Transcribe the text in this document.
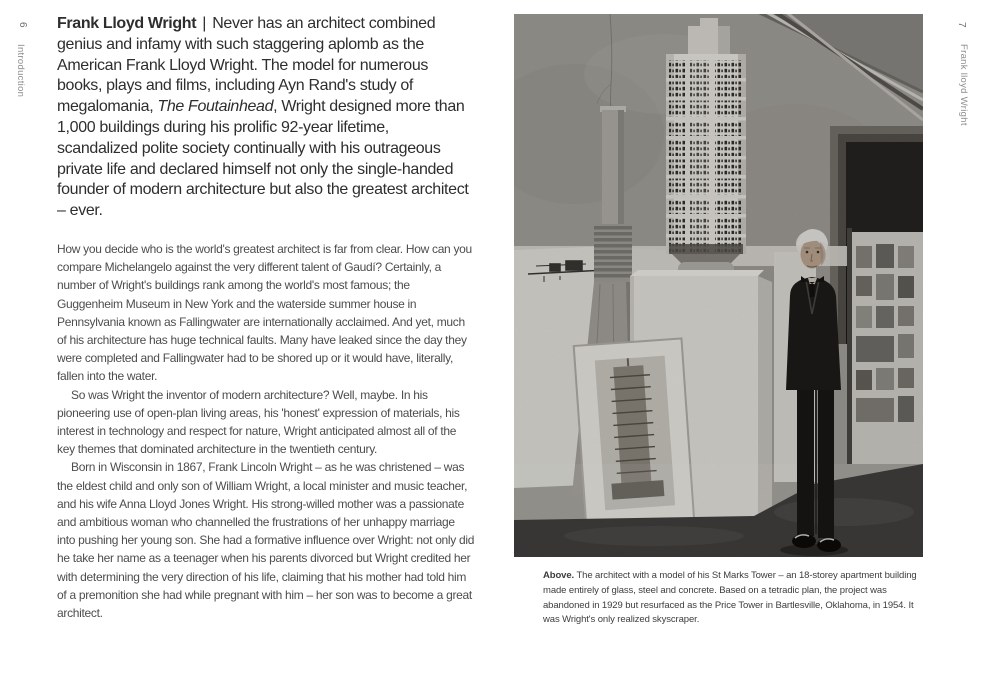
6
Introduction
Frank Lloyd Wright | Never has an architect combined genius and infamy with such staggering aplomb as the American Frank Lloyd Wright. The model for numerous books, plays and films, including Ayn Rand's study of megalomania, The Foutainhead, Wright designed more than 1,000 buildings during his prolific 92-year lifetime, scandalized polite society continually with his outrageous private life and declared himself not only the single-handed founder of modern architecture but also the greatest architect – ever.

How you decide who is the world's greatest architect is far from clear. How can you compare Michelangelo against the very different talent of Gaudí? Certainly, a number of Wright's buildings rank among the world's most famous; the Guggenheim Museum in New York and the waterside summer house in Pennsylvania known as Fallingwater are internationally acclaimed. And yet, much of his architecture has huge technical faults. Many have leaked since the day they were completed and Fallingwater had to be shored up or it would have, literally, fallen into the water.

So was Wright the inventor of modern architecture? Well, maybe. In his pioneering use of open-plan living areas, his 'honest' expression of materials, his interest in technology and respect for nature, Wright anticipated almost all of the key themes that dominated architecture in the twentieth century.

Born in Wisconsin in 1867, Frank Lincoln Wright – as he was christened – was the eldest child and only son of William Wright, a local minister and music teacher, and his wife Anna Lloyd Jones Wright. His strong-willed mother was a passionate and ambitious woman who channelled the frustrations of her unhappy marriage into pushing her young son. She had a formative influence over Wright: not only did he take her name as a teenager when his parents divorced but Wright credited her with determining the very direction of his life, claiming that his mother had told him of a premonition she had while pregnant with him – her son was to become a great architect.

Above. The architect with a model of his St Marks Tower – an 18-storey apartment building made entirely of glass, steel and concrete. Based on a tetradic plan, the project was abandoned in 1929 but resurfaced as the Price Tower in Bartlesville, Oklahoma, in 1954. It was Wright's only realized skyscraper.

7
Frank lloyd Wright
